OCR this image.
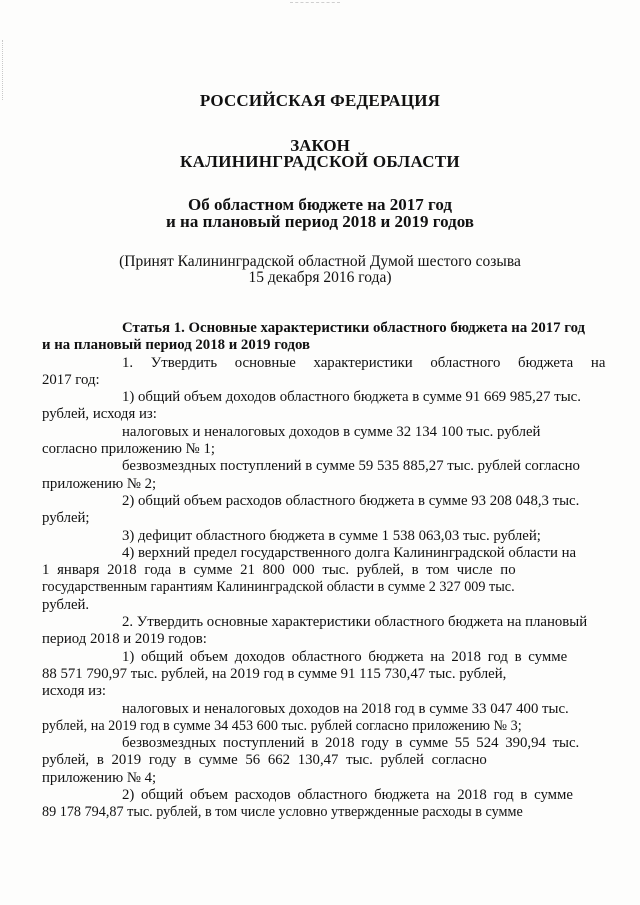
РОССИЙСКАЯ ФЕДЕРАЦИЯ
ЗАКОН
КАЛИНИНГРАДСКОЙ ОБЛАСТИ
Об областном бюджете на 2017 год
и на плановый период 2018 и 2019 годов
(Принят Калининградской областной Думой шестого созыва
15 декабря 2016 года)
Статья 1. Основные характеристики областного бюджета на 2017 год
и на плановый период 2018 и 2019 годов
1. Утвердить основные характеристики областного бюджета на
2017 год:
1) общий объем доходов областного бюджета в сумме 91 669 985,27 тыс.
рублей, исходя из:
налоговых и неналоговых доходов в сумме 32 134 100 тыс. рублей
согласно приложению № 1;
безвозмездных поступлений в сумме 59 535 885,27 тыс. рублей согласно
приложению № 2;
2) общий объем расходов областного бюджета в сумме 93 208 048,3 тыс.
рублей;
3) дефицит областного бюджета в сумме 1 538 063,03 тыс. рублей;
4) верхний предел государственного долга Калининградской области на
1 января 2018 года в сумме 21 800 000 тыс. рублей, в том числе по
государственным гарантиям Калининградской области в сумме 2 327 009 тыс.
рублей.
2. Утвердить основные характеристики областного бюджета на плановый
период 2018 и 2019 годов:
1) общий объем доходов областного бюджета на 2018 год в сумме
88 571 790,97 тыс. рублей, на 2019 год в сумме 91 115 730,47 тыс. рублей,
исходя из:
налоговых и неналоговых доходов на 2018 год в сумме 33 047 400 тыс.
рублей, на 2019 год в сумме 34 453 600 тыс. рублей согласно приложению № 3;
безвозмездных поступлений в 2018 году в сумме 55 524 390,94 тыс.
рублей, в 2019 году в сумме 56 662 130,47 тыс. рублей согласно
приложению № 4;
2) общий объем расходов областного бюджета на 2018 год в сумме
89 178 794,87 тыс. рублей, в том числе условно утвержденные расходы в сумме
